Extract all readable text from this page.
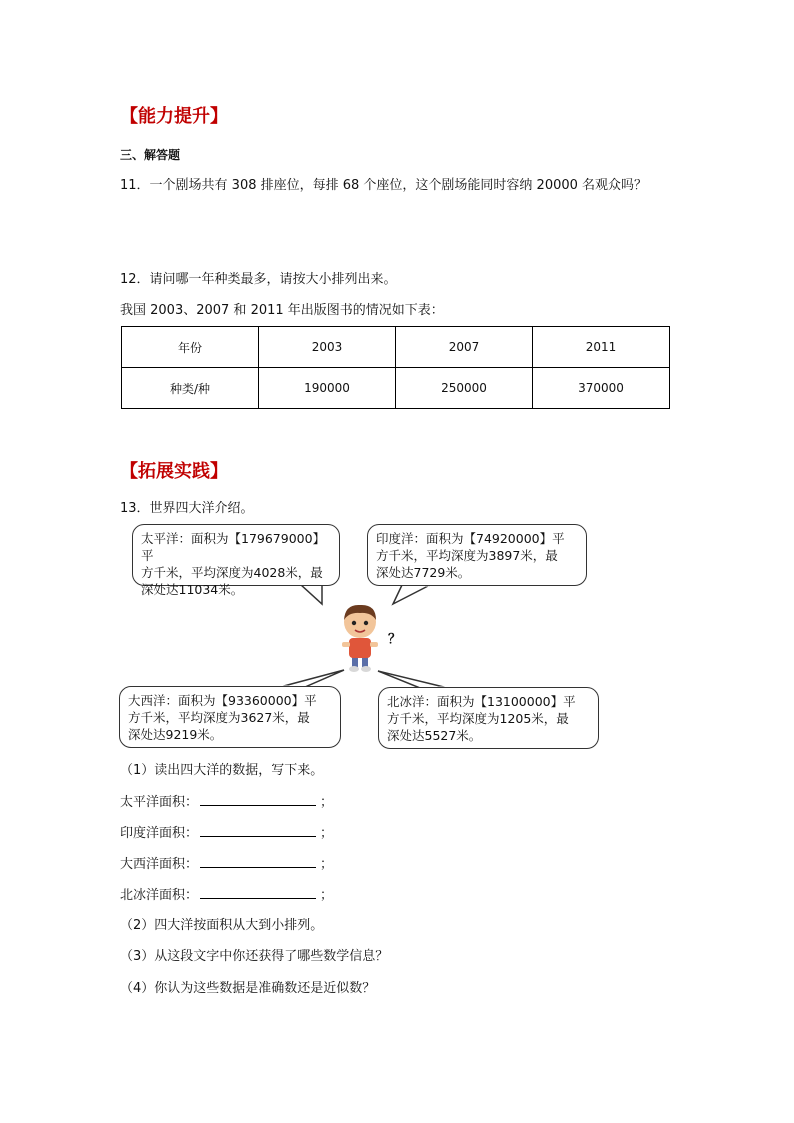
【能力提升】
三、解答题
11．一个剧场共有 308 排座位，每排 68 个座位，这个剧场能同时容纳 20000 名观众吗？
12．请问哪一年种类最多，请按大小排列出来。
我国 2003、2007 和 2011 年出版图书的情况如下表：
年份	2003	2007	2011
种类/种	190000	250000	370000
【拓展实践】
13．世界四大洋介绍。
太平洋：面积为【179679000】平
方千米，平均深度为4028米，最
深处达11034米。
印度洋：面积为【74920000】平
方千米，平均深度为3897米，最
深处达7729米。
大西洋：面积为【93360000】平
方千米，平均深度为3627米，最
深处达9219米。
北冰洋：面积为【13100000】平
方千米，平均深度为1205米，最
深处达5527米。
？
（1）读出四大洋的数据，写下来。
太平洋面积：	；
印度洋面积：	；
大西洋面积：	；
北冰洋面积：	；
（2）四大洋按面积从大到小排列。
（3）从这段文字中你还获得了哪些数学信息？
（4）你认为这些数据是准确数还是近似数？
